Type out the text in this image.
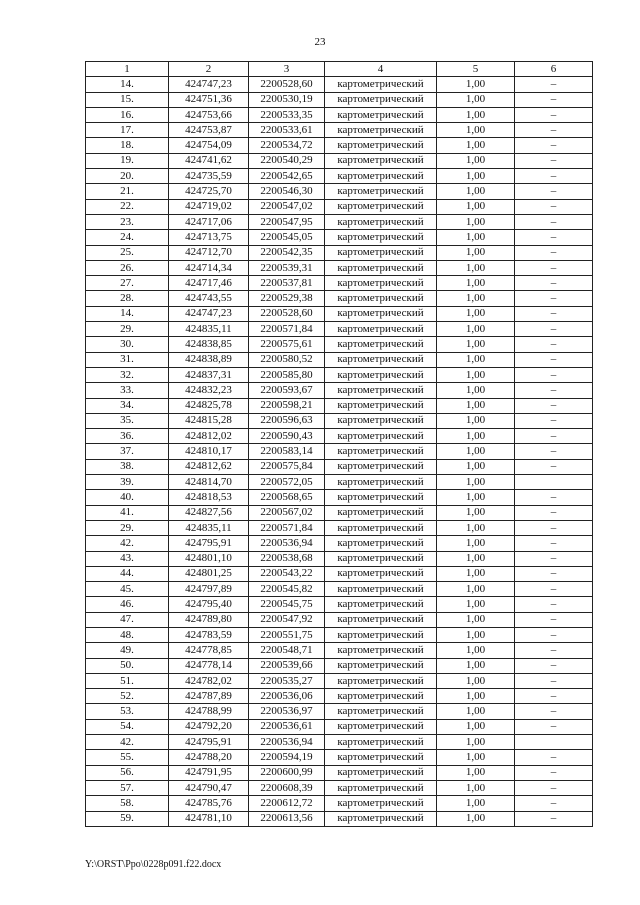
23
1	2	3	4	5	6
14.	424747,23	2200528,60	картометрический	1,00	–
15.	424751,36	2200530,19	картометрический	1,00	–
16.	424753,66	2200533,35	картометрический	1,00	–
17.	424753,87	2200533,61	картометрический	1,00	–
18.	424754,09	2200534,72	картометрический	1,00	–
19.	424741,62	2200540,29	картометрический	1,00	–
20.	424735,59	2200542,65	картометрический	1,00	–
21.	424725,70	2200546,30	картометрический	1,00	–
22.	424719,02	2200547,02	картометрический	1,00	–
23.	424717,06	2200547,95	картометрический	1,00	–
24.	424713,75	2200545,05	картометрический	1,00	–
25.	424712,70	2200542,35	картометрический	1,00	–
26.	424714,34	2200539,31	картометрический	1,00	–
27.	424717,46	2200537,81	картометрический	1,00	–
28.	424743,55	2200529,38	картометрический	1,00	–
14.	424747,23	2200528,60	картометрический	1,00	–
29.	424835,11	2200571,84	картометрический	1,00	–
30.	424838,85	2200575,61	картометрический	1,00	–
31.	424838,89	2200580,52	картометрический	1,00	–
32.	424837,31	2200585,80	картометрический	1,00	–
33.	424832,23	2200593,67	картометрический	1,00	–
34.	424825,78	2200598,21	картометрический	1,00	–
35.	424815,28	2200596,63	картометрический	1,00	–
36.	424812,02	2200590,43	картометрический	1,00	–
37.	424810,17	2200583,14	картометрический	1,00	–
38.	424812,62	2200575,84	картометрический	1,00	–
39.	424814,70	2200572,05	картометрический	1,00	
40.	424818,53	2200568,65	картометрический	1,00	–
41.	424827,56	2200567,02	картометрический	1,00	–
29.	424835,11	2200571,84	картометрический	1,00	–
42.	424795,91	2200536,94	картометрический	1,00	–
43.	424801,10	2200538,68	картометрический	1,00	–
44.	424801,25	2200543,22	картометрический	1,00	–
45.	424797,89	2200545,82	картометрический	1,00	–
46.	424795,40	2200545,75	картометрический	1,00	–
47.	424789,80	2200547,92	картометрический	1,00	–
48.	424783,59	2200551,75	картометрический	1,00	–
49.	424778,85	2200548,71	картометрический	1,00	–
50.	424778,14	2200539,66	картометрический	1,00	–
51.	424782,02	2200535,27	картометрический	1,00	–
52.	424787,89	2200536,06	картометрический	1,00	–
53.	424788,99	2200536,97	картометрический	1,00	–
54.	424792,20	2200536,61	картометрический	1,00	–
42.	424795,91	2200536,94	картометрический	1,00	
55.	424788,20	2200594,19	картометрический	1,00	–
56.	424791,95	2200600,99	картометрический	1,00	–
57.	424790,47	2200608,39	картометрический	1,00	–
58.	424785,76	2200612,72	картометрический	1,00	–
59.	424781,10	2200613,56	картометрический	1,00	–
Y:\ORST\Ppo\0228p091.f22.docx
